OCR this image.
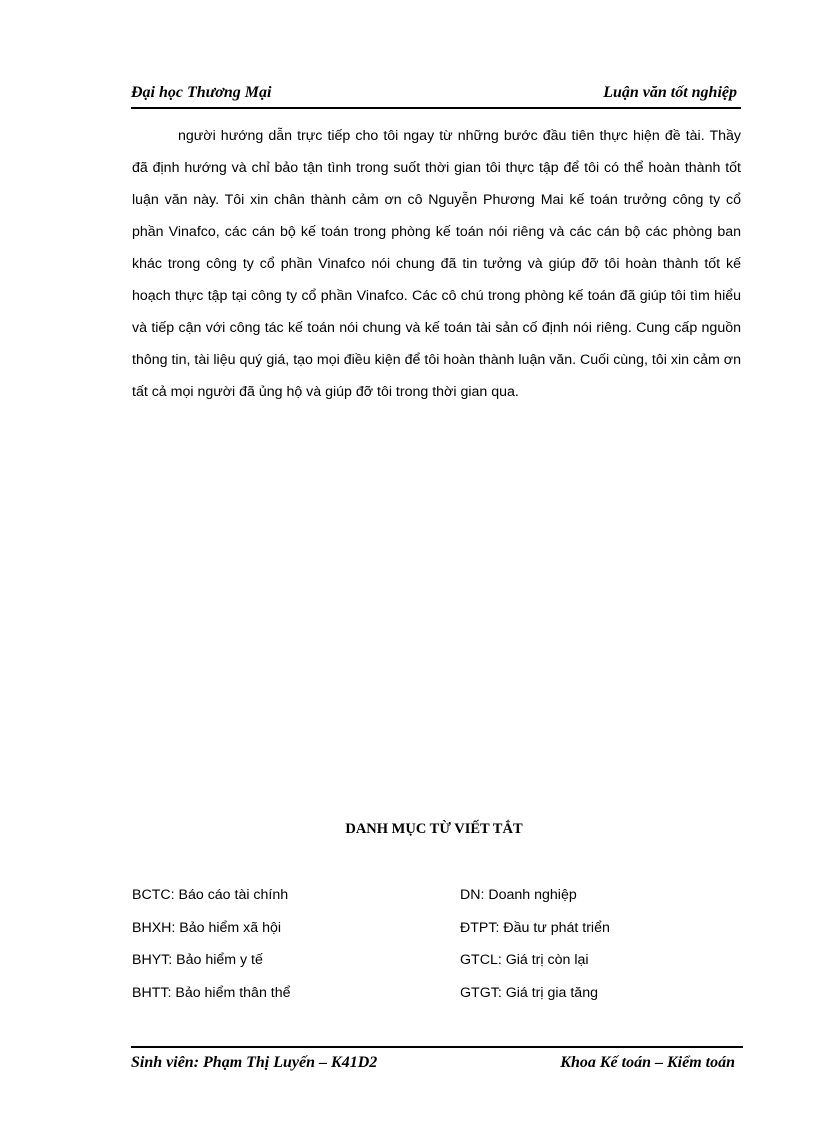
Đại học Thương Mại	Luận văn tốt nghiệp

người hướng dẫn trực tiếp cho tôi ngay từ những bước đầu tiên thực hiện đề tài. Thầy đã định hướng và chỉ bảo tận tình trong suốt thời gian tôi thực tập để tôi có thể hoàn thành tốt luận văn này. Tôi xin chân thành cảm ơn cô Nguyễn Phương Mai kế toán trưởng công ty cổ phần Vinafco, các cán bộ kế toán trong phòng kế toán nói riêng và các cán bộ các phòng ban khác trong công ty cổ phần Vinafco nói chung đã tin tưởng và giúp đỡ tôi hoàn thành tốt kế hoạch thực tập tại công ty cổ phần Vinafco. Các cô chú trong phòng kế toán đã giúp tôi tìm hiểu và tiếp cận với công tác kế toán nói chung và kế toán tài sản cố định nói riêng. Cung cấp nguồn thông tin, tài liệu quý giá, tạo mọi điều kiện để tôi hoàn thành luận văn. Cuối cùng, tôi xin cảm ơn tất cả mọi người đã ủng hộ và giúp đỡ tôi trong thời gian qua.

DANH MỤC TỪ VIẾT TẮT
BCTC: Báo cáo tài chính	DN: Doanh nghiệp
BHXH: Bảo hiểm xã hội	ĐTPT: Đầu tư phát triển
BHYT: Bảo hiểm y tế	GTCL: Giá trị còn lại
BHTT: Bảo hiểm thân thể	GTGT: Giá trị gia tăng
Sinh viên: Phạm Thị Luyến – K41D2	Khoa Kế toán – Kiểm toán
